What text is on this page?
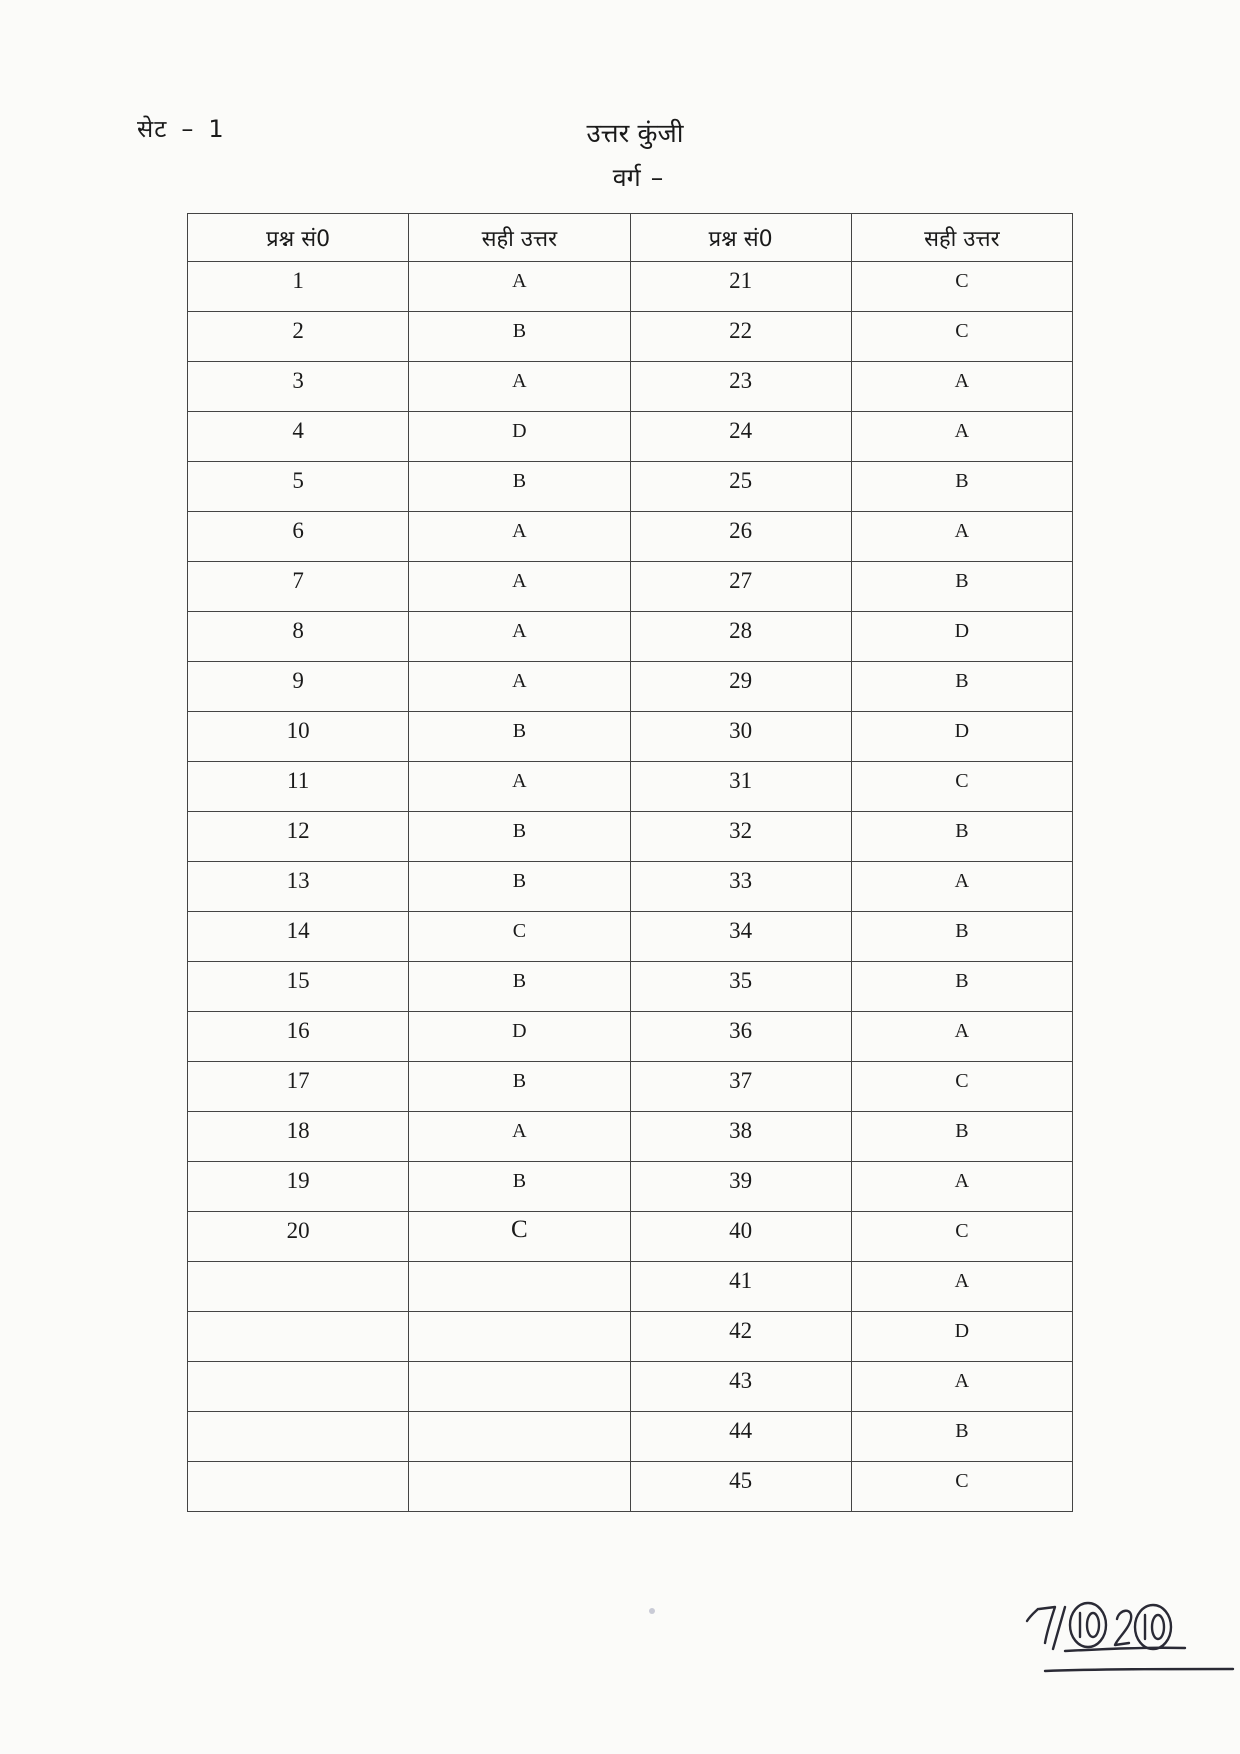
सेट – 1	उत्तर कुंजी
वर्ग –
प्रश्न सं0	सही उत्तर	प्रश्न सं0	सही उत्तर
1	A	21	C
2	B	22	C
3	A	23	A
4	D	24	A
5	B	25	B
6	A	26	A
7	A	27	B
8	A	28	D
9	A	29	B
10	B	30	D
11	A	31	C
12	B	32	B
13	B	33	A
14	C	34	B
15	B	35	B
16	D	36	A
17	B	37	C
18	A	38	B
19	B	39	A
20	C	40	C
		41	A
		42	D
		43	A
		44	B
		45	C
